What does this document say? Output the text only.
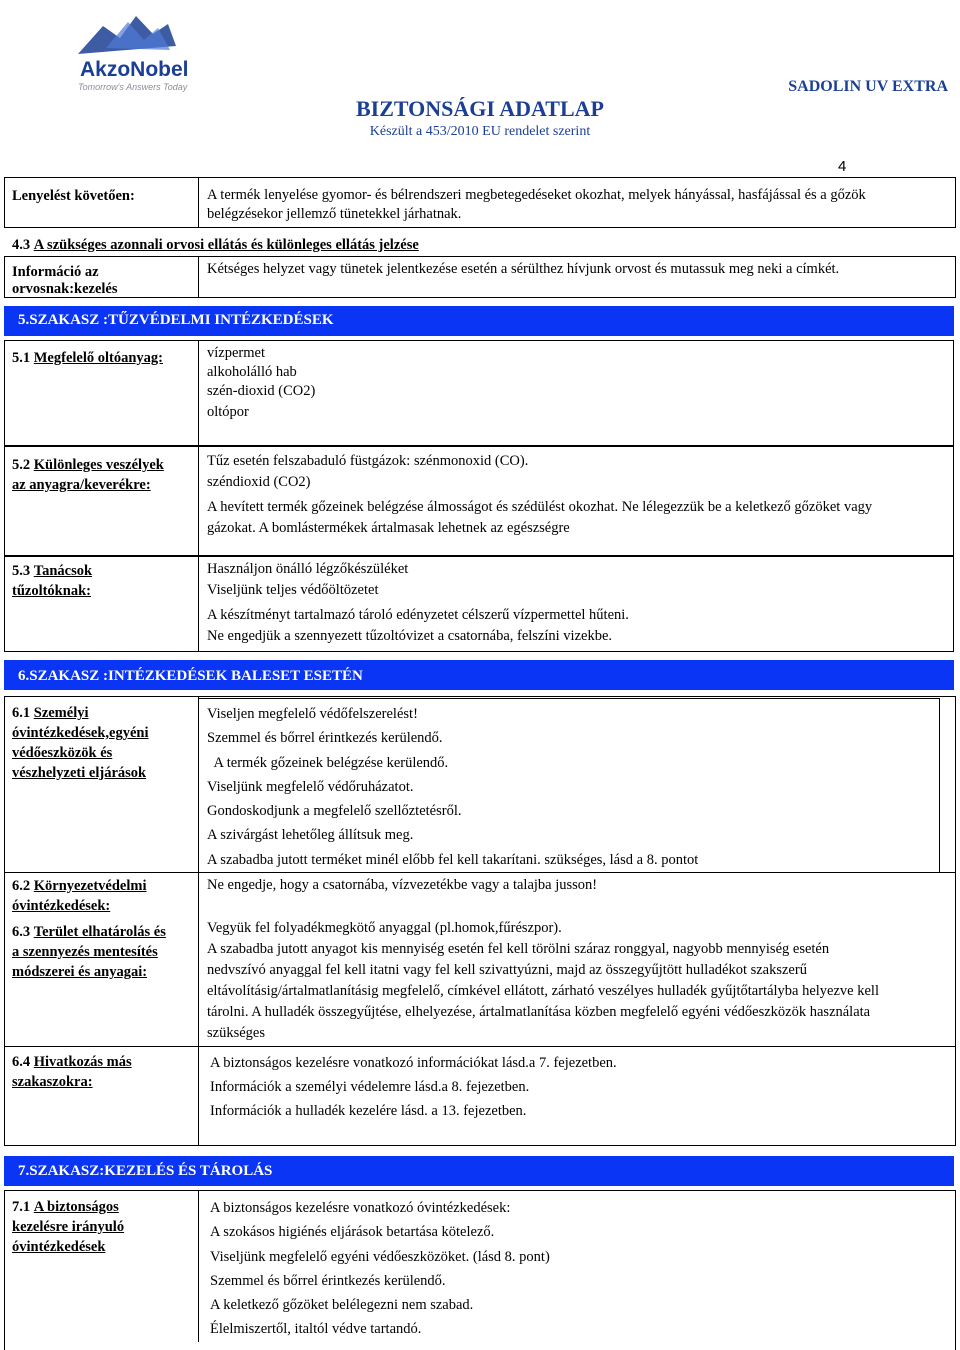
AkzoNobel
Tomorrow's Answers Today
BIZTONSÁGI ADATLAP
Készült a 453/2010 EU rendelet szerint
SADOLIN UV EXTRA
4
Lenyelést követően:	A termék lenyelése gyomor- és bélrendszeri megbetegedéseket okozhat, melyek hányással, hasfájással és a gőzök
belégzésekor jellemző tünetekkel járhatnak.
4.3 A szükséges azonnali orvosi ellátás és különleges ellátás jelzése
Információ az
orvosnak:kezelés
Kétséges helyzet vagy tünetek jelentkezése esetén a sérülthez hívjunk orvost és mutassuk meg neki a címkét.
5.SZAKASZ :TŰZVÉDELMI INTÉZKEDÉSEK
5.1 Megfelelő oltóanyag:	vízpermet
alkoholálló hab
szén-dioxid (CO2)
oltópor
5.2 Különleges veszélyek
az anyagra/keverékre:
Tűz esetén felszabaduló füstgázok: szénmonoxid (CO).
széndioxid (CO2)
A hevített termék gőzeinek belégzése álmosságot és szédülést okozhat. Ne lélegezzük be a keletkező gőzöket vagy
gázokat. A bomlástermékek ártalmasak lehetnek az egészségre
5.3 Tanácsok
tűzoltóknak:
Használjon önálló légzőkészüléket
Viseljünk teljes védőöltözetet
A készítményt tartalmazó tároló edényzetet célszerű vízpermettel hűteni.
Ne engedjük a szennyezett tűzoltóvizet a csatornába, felszíni vizekbe.
6.SZAKASZ :INTÉZKEDÉSEK BALESET ESETÉN
6.1 Személyi
óvintézkedések,egyéni
védőeszközök és
vészhelyzeti eljárások
Viseljen megfelelő védőfelszerelést!
Szemmel és bőrrel érintkezés kerülendő.
A termék gőzeinek belégzése kerülendő.
Viseljünk megfelelő védőruházatot.
Gondoskodjunk a megfelelő szellőztetésről.
A szivárgást lehetőleg állítsuk meg.
A szabadba jutott terméket minél előbb fel kell takarítani. szükséges, lásd a 8. pontot
6.2 Környezetvédelmi
óvintézkedések:
Ne engedje, hogy a csatornába, vízvezetékbe vagy a talajba jusson!
6.3 Terület elhatárolás és
a szennyezés mentesítés
módszerei és anyagai:
Vegyük fel folyadékmegkötő anyaggal (pl.homok,fűrészpor).
A szabadba jutott anyagot kis mennyiség esetén fel kell törölni száraz ronggyal, nagyobb mennyiség esetén
nedvszívó anyaggal fel kell itatni vagy fel kell szivattyúzni, majd az összegyűjtött hulladékot szakszerű
eltávolításig/ártalmatlanításig megfelelő, címkével ellátott, zárható veszélyes hulladék gyűjtőtartályba helyezve kell
tárolni. A hulladék összegyűjtése, elhelyezése, ártalmatlanítása közben megfelelő egyéni védőeszközök használata
szükséges
6.4 Hivatkozás más
szakaszokra:
A biztonságos kezelésre vonatkozó információkat lásd.a 7. fejezetben.
Információk a személyi védelemre lásd.a 8. fejezetben.
Információk a hulladék kezelére lásd. a 13. fejezetben.
7.SZAKASZ:KEZELÉS ÉS TÁROLÁS
7.1 A biztonságos
kezelésre irányuló
óvintézkedések
A biztonságos kezelésre vonatkozó óvintézkedések:
A szokásos higiénés eljárások betartása kötelező.
Viseljünk megfelelő egyéni védőeszközöket. (lásd 8. pont)
Szemmel és bőrrel érintkezés kerülendő.
A keletkező gőzöket belélegezni nem szabad.
Élelmiszertől, italtól védve tartandó.
